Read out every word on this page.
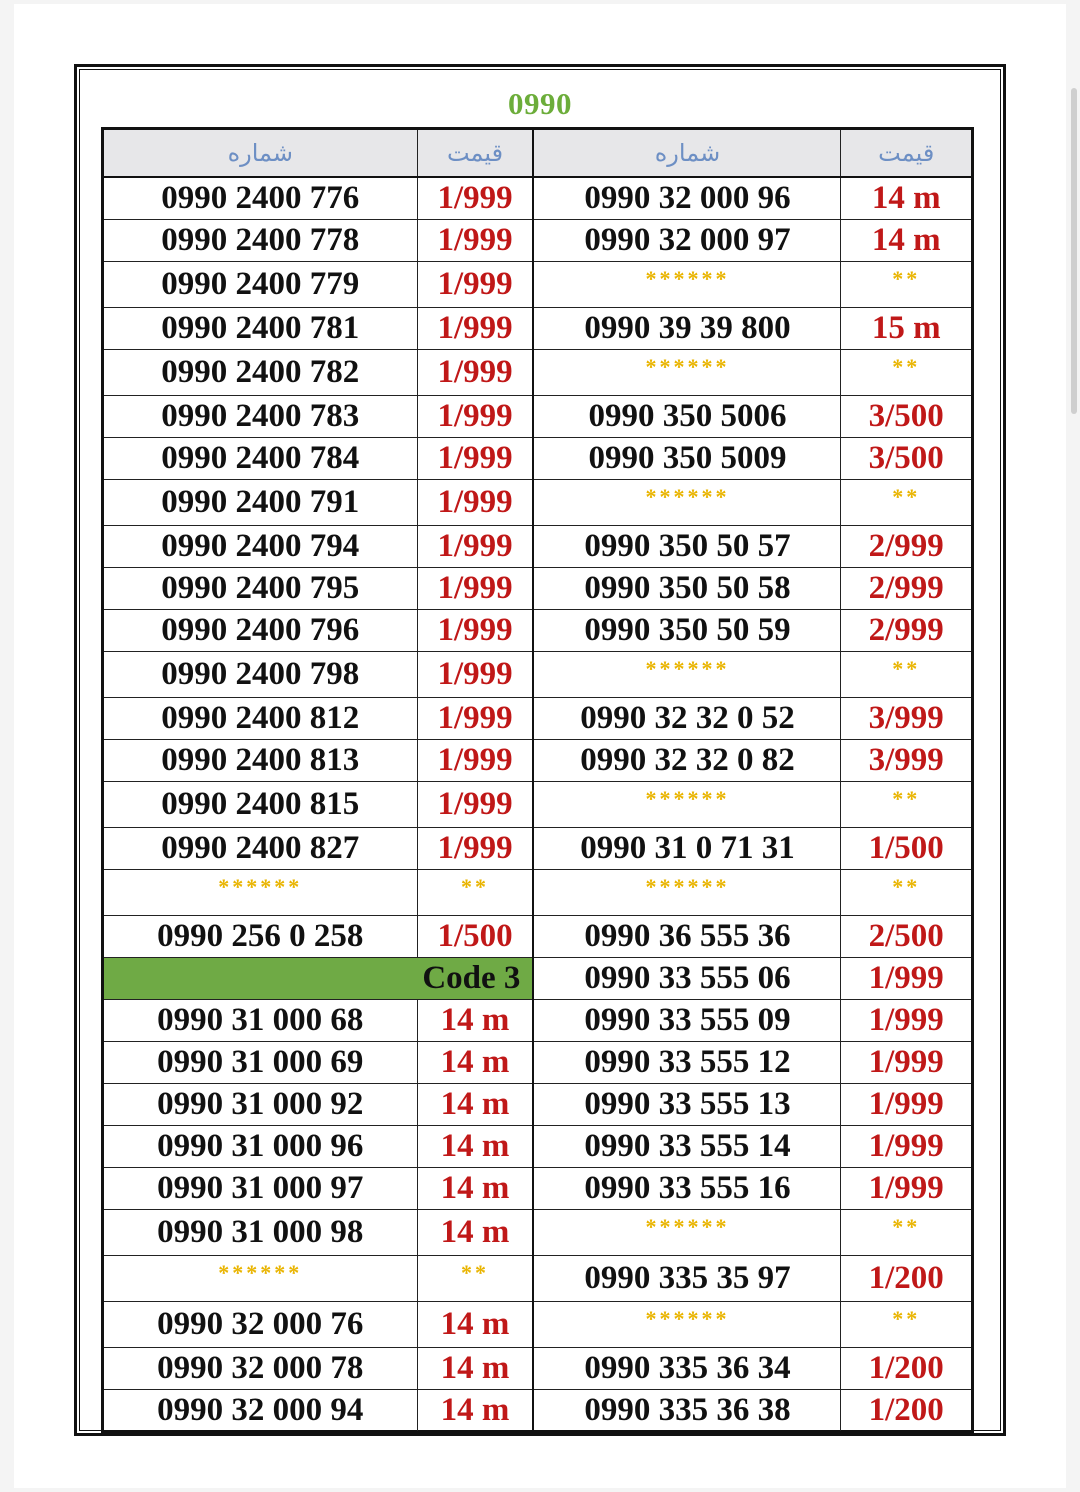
0990
شماره	قیمت	شماره	قیمت
0990 2400 776	1/999	0990 32 000 96	14 m
0990 2400 778	1/999	0990 32 000 97	14 m
0990 2400 779	1/999	******	**
0990 2400 781	1/999	0990 39 39 800	15 m
0990 2400 782	1/999	******	**
0990 2400 783	1/999	0990 350 5006	3/500
0990 2400 784	1/999	0990 350 5009	3/500
0990 2400 791	1/999	******	**
0990 2400 794	1/999	0990 350 50 57	2/999
0990 2400 795	1/999	0990 350 50 58	2/999
0990 2400 796	1/999	0990 350 50 59	2/999
0990 2400 798	1/999	******	**
0990 2400 812	1/999	0990 32 32 0 52	3/999
0990 2400 813	1/999	0990 32 32 0 82	3/999
0990 2400 815	1/999	******	**
0990 2400 827	1/999	0990 31 0 71 31	1/500
******	**	******	**
0990 256 0 258	1/500	0990 36 555 36	2/500
Code 3		0990 33 555 06	1/999
0990 31 000 68	14 m	0990 33 555 09	1/999
0990 31 000 69	14 m	0990 33 555 12	1/999
0990 31 000 92	14 m	0990 33 555 13	1/999
0990 31 000 96	14 m	0990 33 555 14	1/999
0990 31 000 97	14 m	0990 33 555 16	1/999
0990 31 000 98	14 m	******	**
******	**	0990 335 35 97	1/200
0990 32 000 76	14 m	******	**
0990 32 000 78	14 m	0990 335 36 34	1/200
0990 32 000 94	14 m	0990 335 36 38	1/200
